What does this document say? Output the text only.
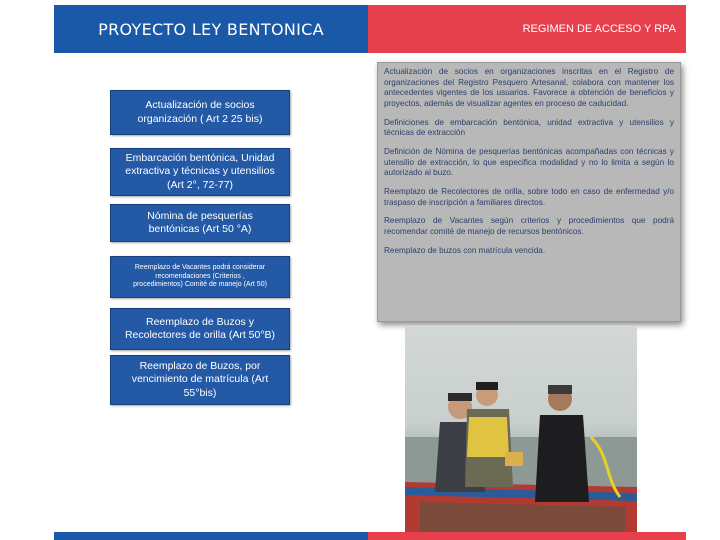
PROYECTO LEY BENTONICA	REGIMEN DE ACCESO Y RPA
Actualización de socios
organización ( Art 2 25 bis)
Embarcación bentónica, Unidad
extractiva y técnicas y utensilios
(Art 2°, 72-77)
Nómina de pesquerías
bentónicas (Art 50 °A)
Reemplazo de Vacantes podrá considerar
recomendaciones (Criterios ,
procedimientos) Comité de manejo (Art 50)
Reemplazo de Buzos y
Recolectores de orilla (Art 50°B)
Reemplazo de Buzos, por
vencimiento de matrícula (Art
55°bis)

Actualización de socios en organizaciones inscritas en el Registro de organizaciones del Registro Pesquero Artesanal, colabora con mantener los antecedentes vigentes de los usuarios. Favorece a obtención de beneficios y proyectos, además de visualizar agentes en proceso de caducidad.

Definiciones de embarcación bentónica, unidad extractiva y utensilios y técnicas de extracción

Definición de Nómina de pesquerías bentónicas acompañadas con técnicas y utensilio de extracción, lo que especifica modalidad y no lo limita a según lo autorizado al buzo.

Reemplazo de Recolectores de orilla, sobre todo en caso de enfermedad y/o traspaso de inscripción a familiares directos.

Reemplazo de Vacantes según criterios y procedimientos que podrá recomendar comité de manejo de recursos bentónicos.

Reemplazo de buzos con matrícula vencida.
